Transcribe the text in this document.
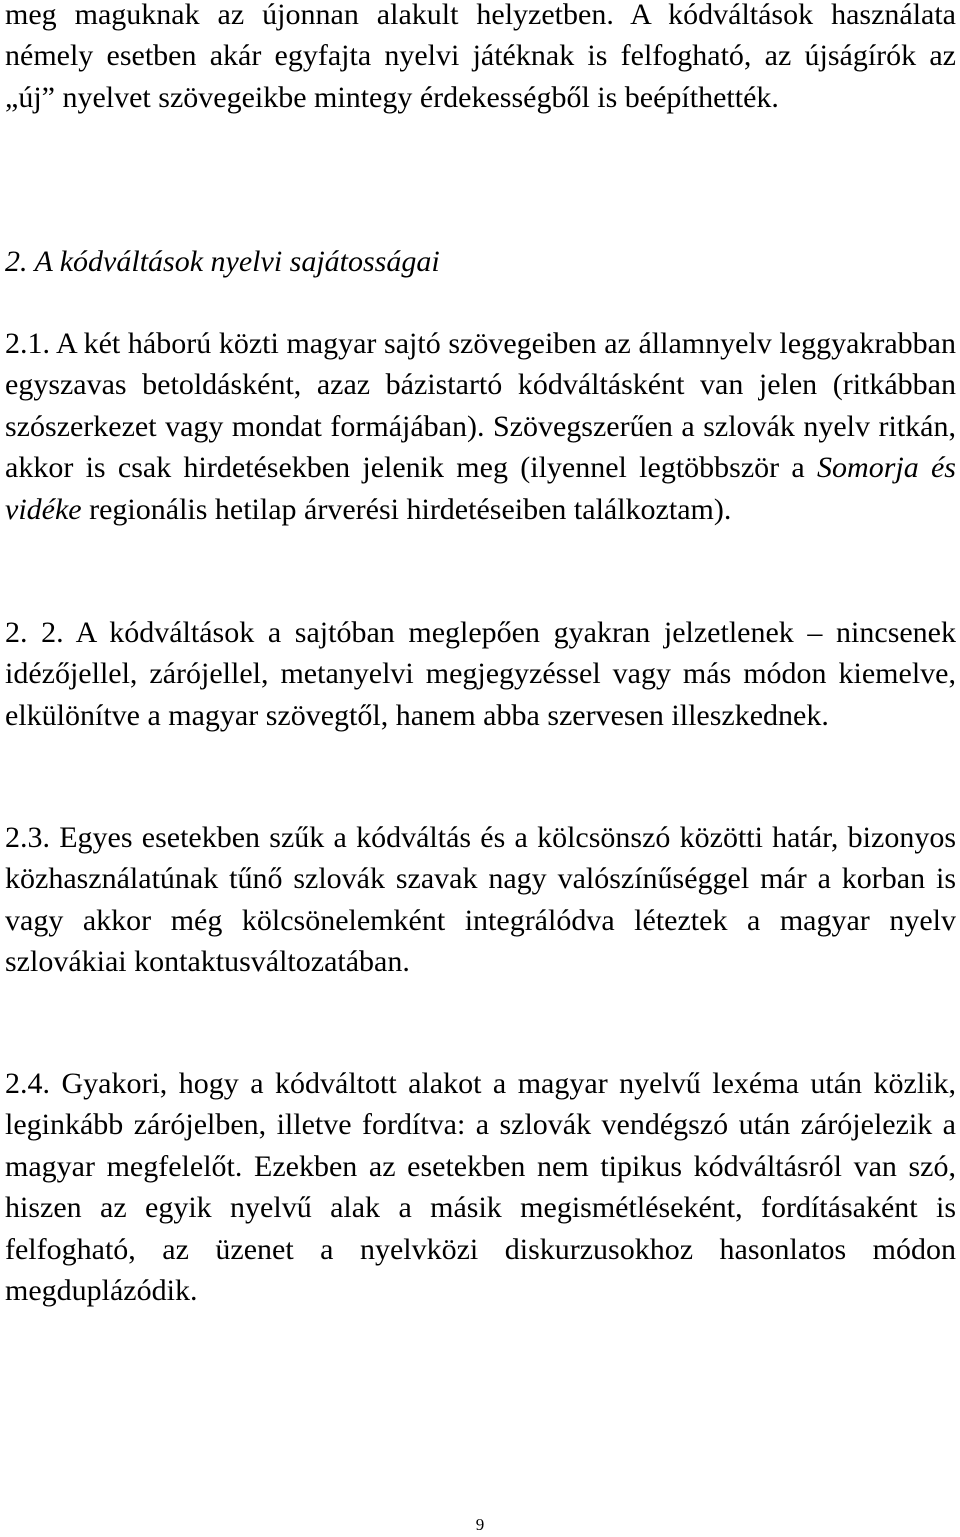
meg maguknak az újonnan alakult helyzetben. A kódváltások használata némely esetben akár egyfajta nyelvi játéknak is felfogható, az újságírók az „új” nyelvet szövegeikbe mintegy érdekességből is beépíthették.

2. A kódváltások nyelvi sajátosságai

2.1. A két háború közti magyar sajtó szövegeiben az államnyelv leggyakrabban egyszavas betoldásként, azaz bázistartó kódváltásként van jelen (ritkábban szószerkezet vagy mondat formájában). Szövegszerűen a szlovák nyelv ritkán, akkor is csak hirdetésekben jelenik meg (ilyennel legtöbbször a Somorja és vidéke regionális hetilap árverési hirdetéseiben találkoztam).

2. 2. A kódváltások a sajtóban meglepően gyakran jelzetlenek – nincsenek idézőjellel, zárójellel, metanyelvi megjegyzéssel vagy más módon kiemelve, elkülönítve a magyar szövegtől, hanem abba szervesen illeszkednek.

2.3. Egyes esetekben szűk a kódváltás és a kölcsönszó közötti határ, bizonyos közhasználatúnak tűnő szlovák szavak nagy valószínűséggel már a korban is vagy akkor még kölcsönelemként integrálódva léteztek a magyar nyelv szlovákiai kontaktusváltozatában.

2.4. Gyakori, hogy a kódváltott alakot a magyar nyelvű lexéma után közlik, leginkább zárójelben, illetve fordítva: a szlovák vendégszó után zárójelezik a magyar megfelelőt. Ezekben az esetekben nem tipikus kódváltásról van szó, hiszen az egyik nyelvű alak a másik megismétléseként, fordításaként is felfogható, az üzenet a nyelvközi diskurzusokhoz hasonlatos módon megduplázódik.

9
